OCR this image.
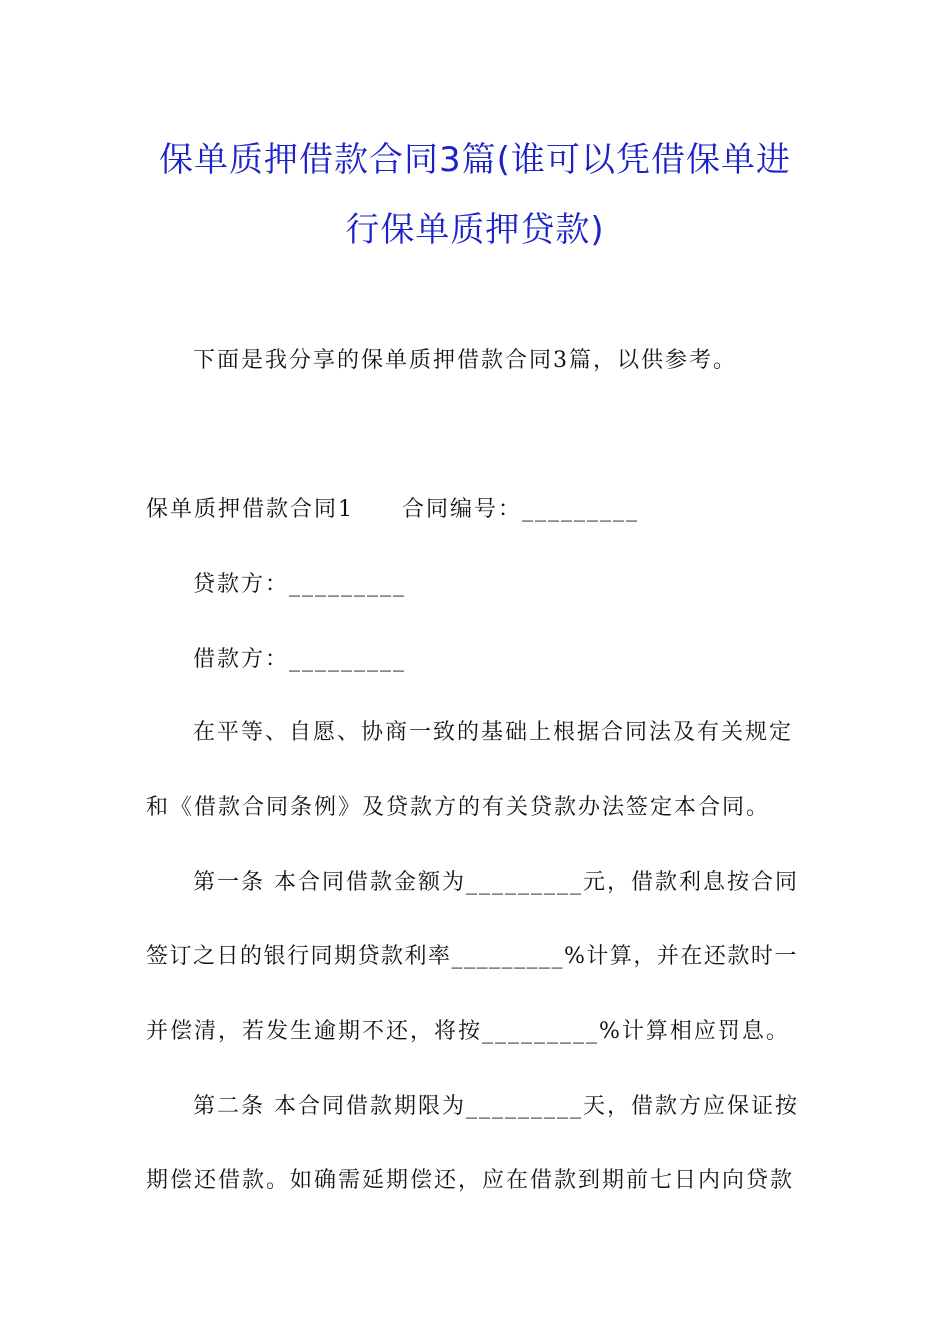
保单质押借款合同3篇(谁可以凭借保单进
行保单质押贷款)
下面是我分享的保单质押借款合同3篇，以供参考。
保单质押借款合同1 合同编号：_________
贷款方：_________
借款方：_________
在平等、自愿、协商一致的基础上根据合同法及有关规定
和《借款合同条例》及贷款方的有关贷款办法签定本合同。
第一条 本合同借款金额为_________元，借款利息按合同
签订之日的银行同期贷款利率_________%计算，并在还款时一
并偿清，若发生逾期不还，将按_________%计算相应罚息。
第二条 本合同借款期限为_________天，借款方应保证按
期偿还借款。如确需延期偿还，应在借款到期前七日内向贷款
